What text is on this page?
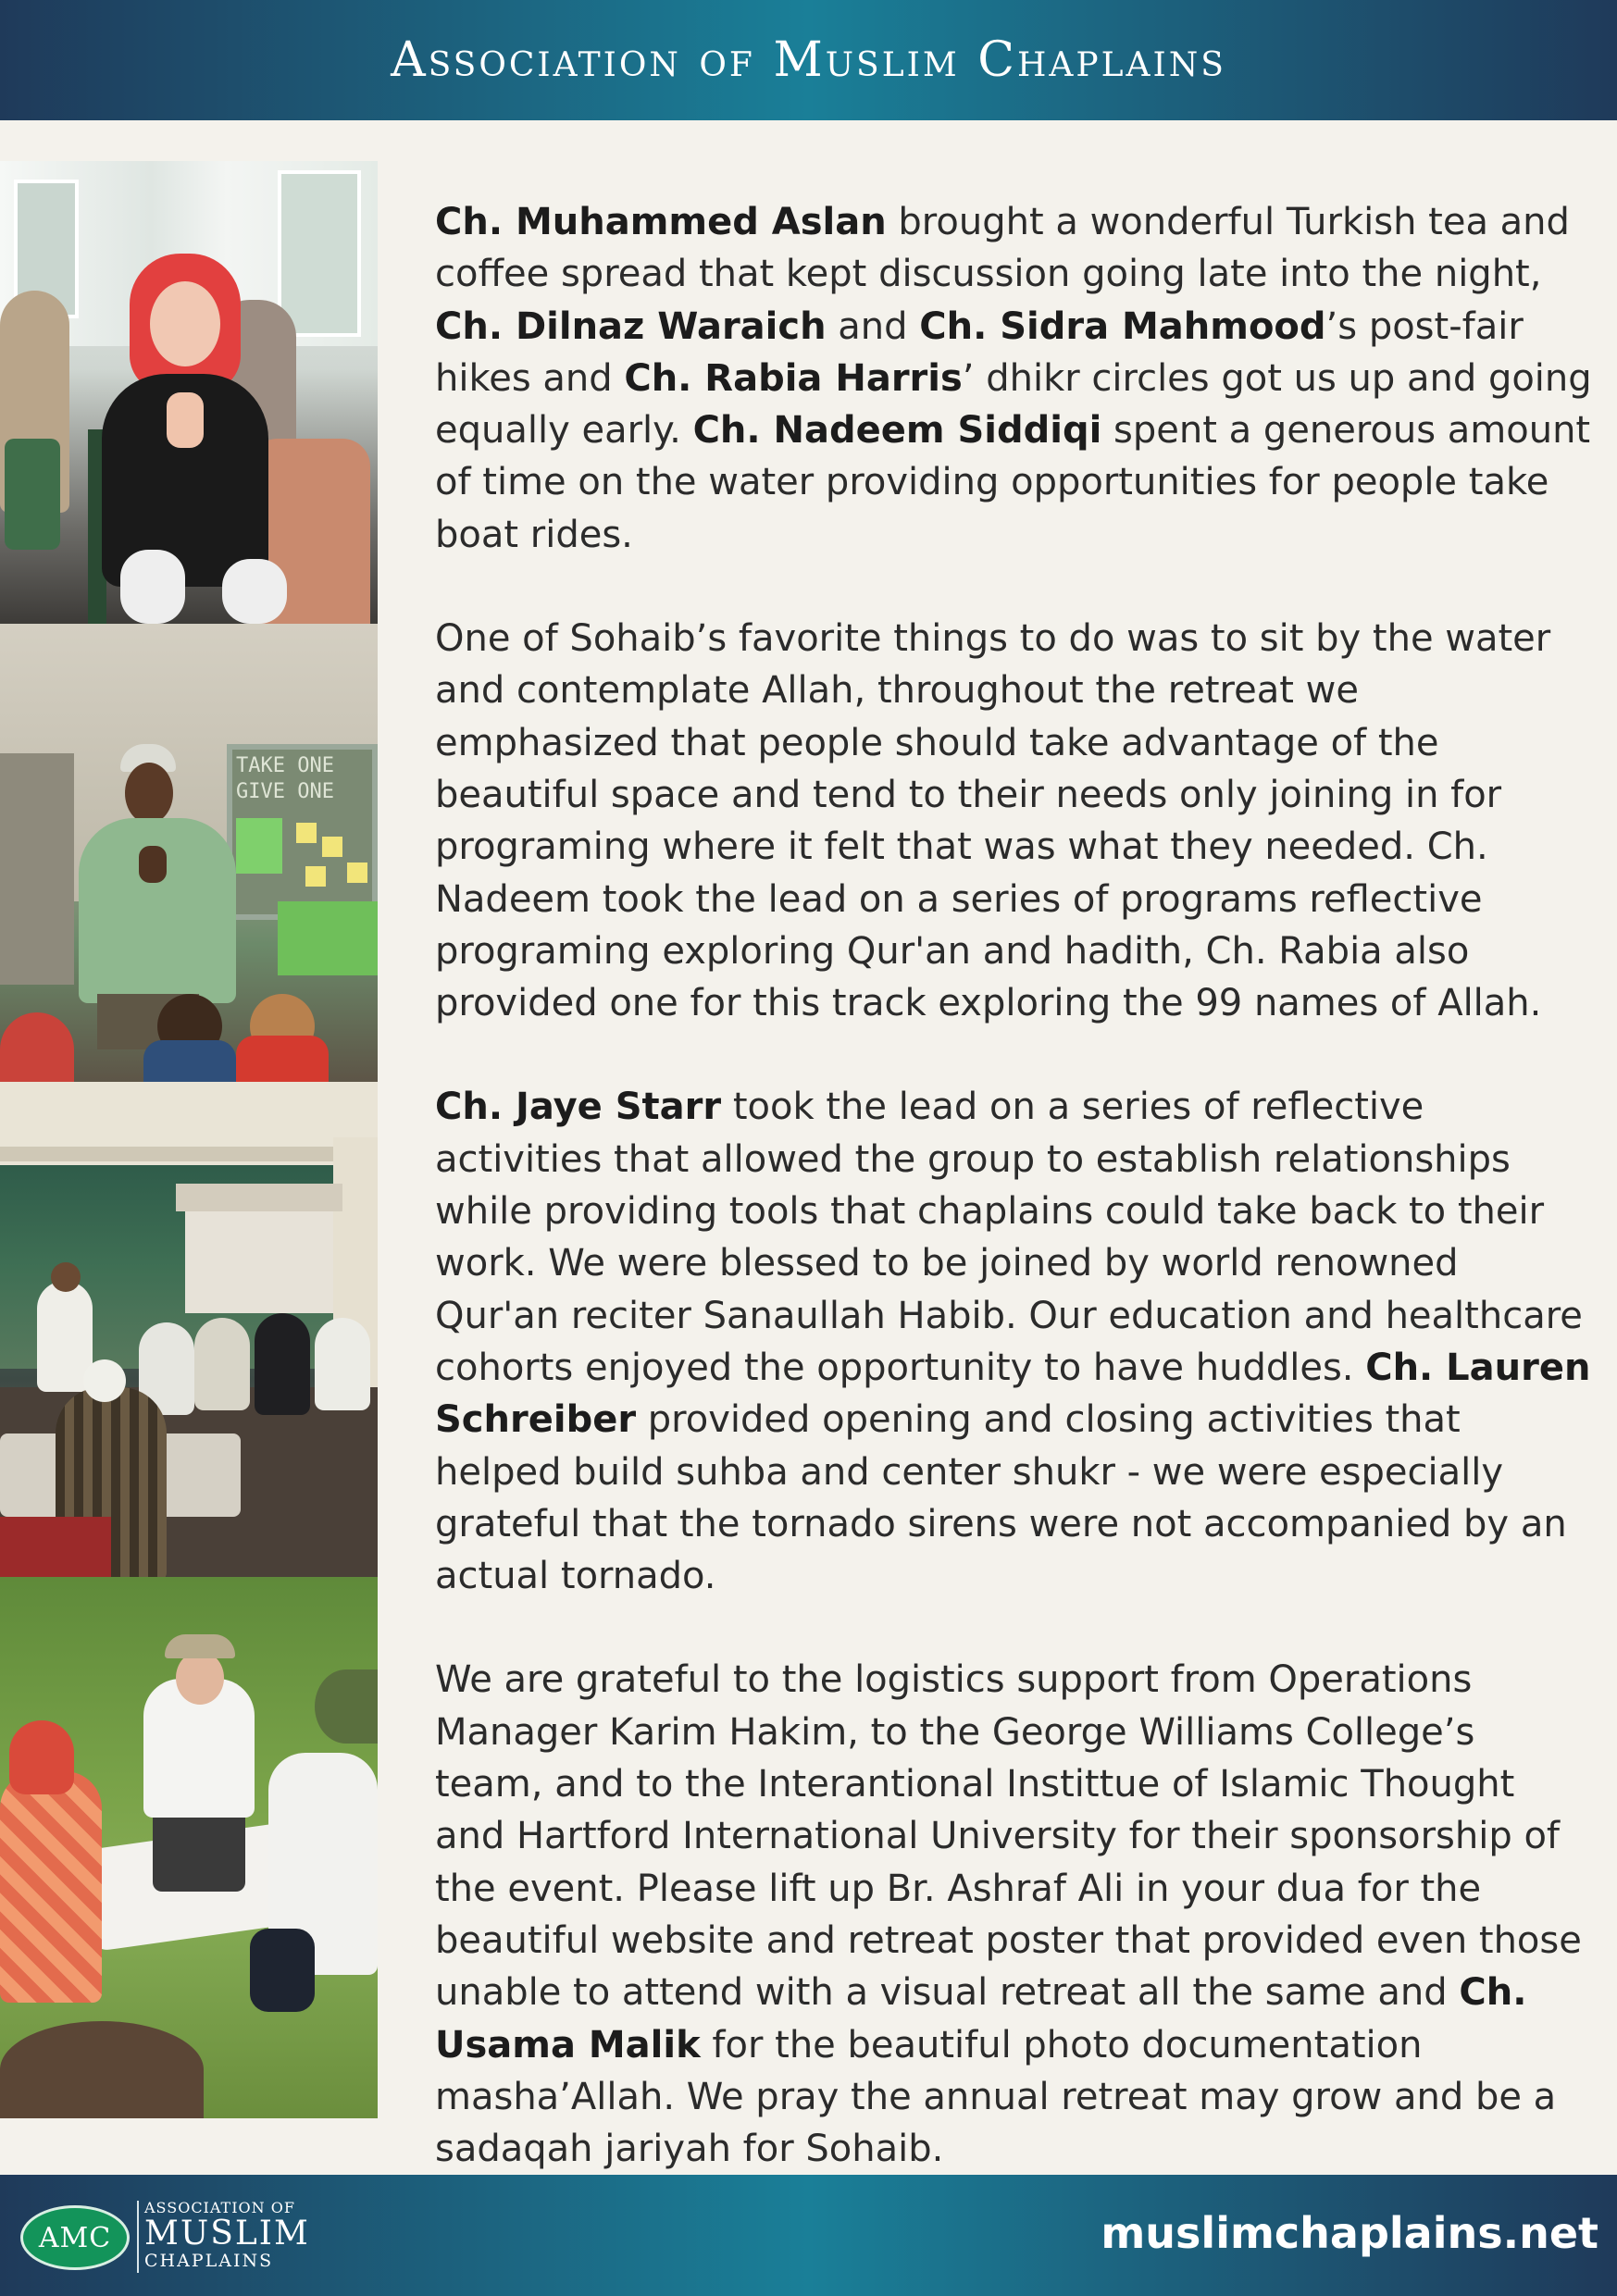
Association of Muslim Chaplains
TAKE ONE GIVE ONE

Ch. Muhammed Aslan brought a wonderful Turkish tea and coffee spread that kept discussion going late into the night, Ch. Dilnaz Waraich and Ch. Sidra Mahmood’s post-fair hikes and Ch. Rabia Harris’ dhikr circles got us up and going equally early. Ch. Nadeem Siddiqi spent a generous amount of time on the water providing opportunities for people take boat rides.

One of Sohaib’s favorite things to do was to sit by the water and contemplate Allah, throughout the retreat we emphasized that people should take advantage of the beautiful space and tend to their needs only joining in for programing where it felt that was what they needed. Ch. Nadeem took the lead on a series of programs reflective programing exploring Qur'an and hadith, Ch. Rabia also provided one for this track exploring the 99 names of Allah.

Ch. Jaye Starr took the lead on a series of reflective activities that allowed the group to establish relationships while providing tools that chaplains could take back to their work. We were blessed to be joined by world renowned Qur'an reciter Sanaullah Habib. Our education and healthcare cohorts enjoyed the opportunity to have huddles. Ch. Lauren Schreiber provided opening and closing activities that helped build suhba and center shukr - we were especially grateful that the tornado sirens were not accompanied by an actual tornado.

We are grateful to the logistics support from Operations Manager Karim Hakim, to the George Williams College’s team, and to the Interantional Instittue of Islamic Thought and Hartford International University for their sponsorship of the event. Please lift up Br. Ashraf Ali in your dua for the beautiful website and retreat poster that provided even those unable to attend with a visual retreat all the same and Ch. Usama Malik for the beautiful photo documentation masha’Allah. We pray the annual retreat may grow and be a sadaqah jariyah for Sohaib.

AMC
ASSOCIATION OF
MUSLIM
CHAPLAINS
muslimchaplains.net
